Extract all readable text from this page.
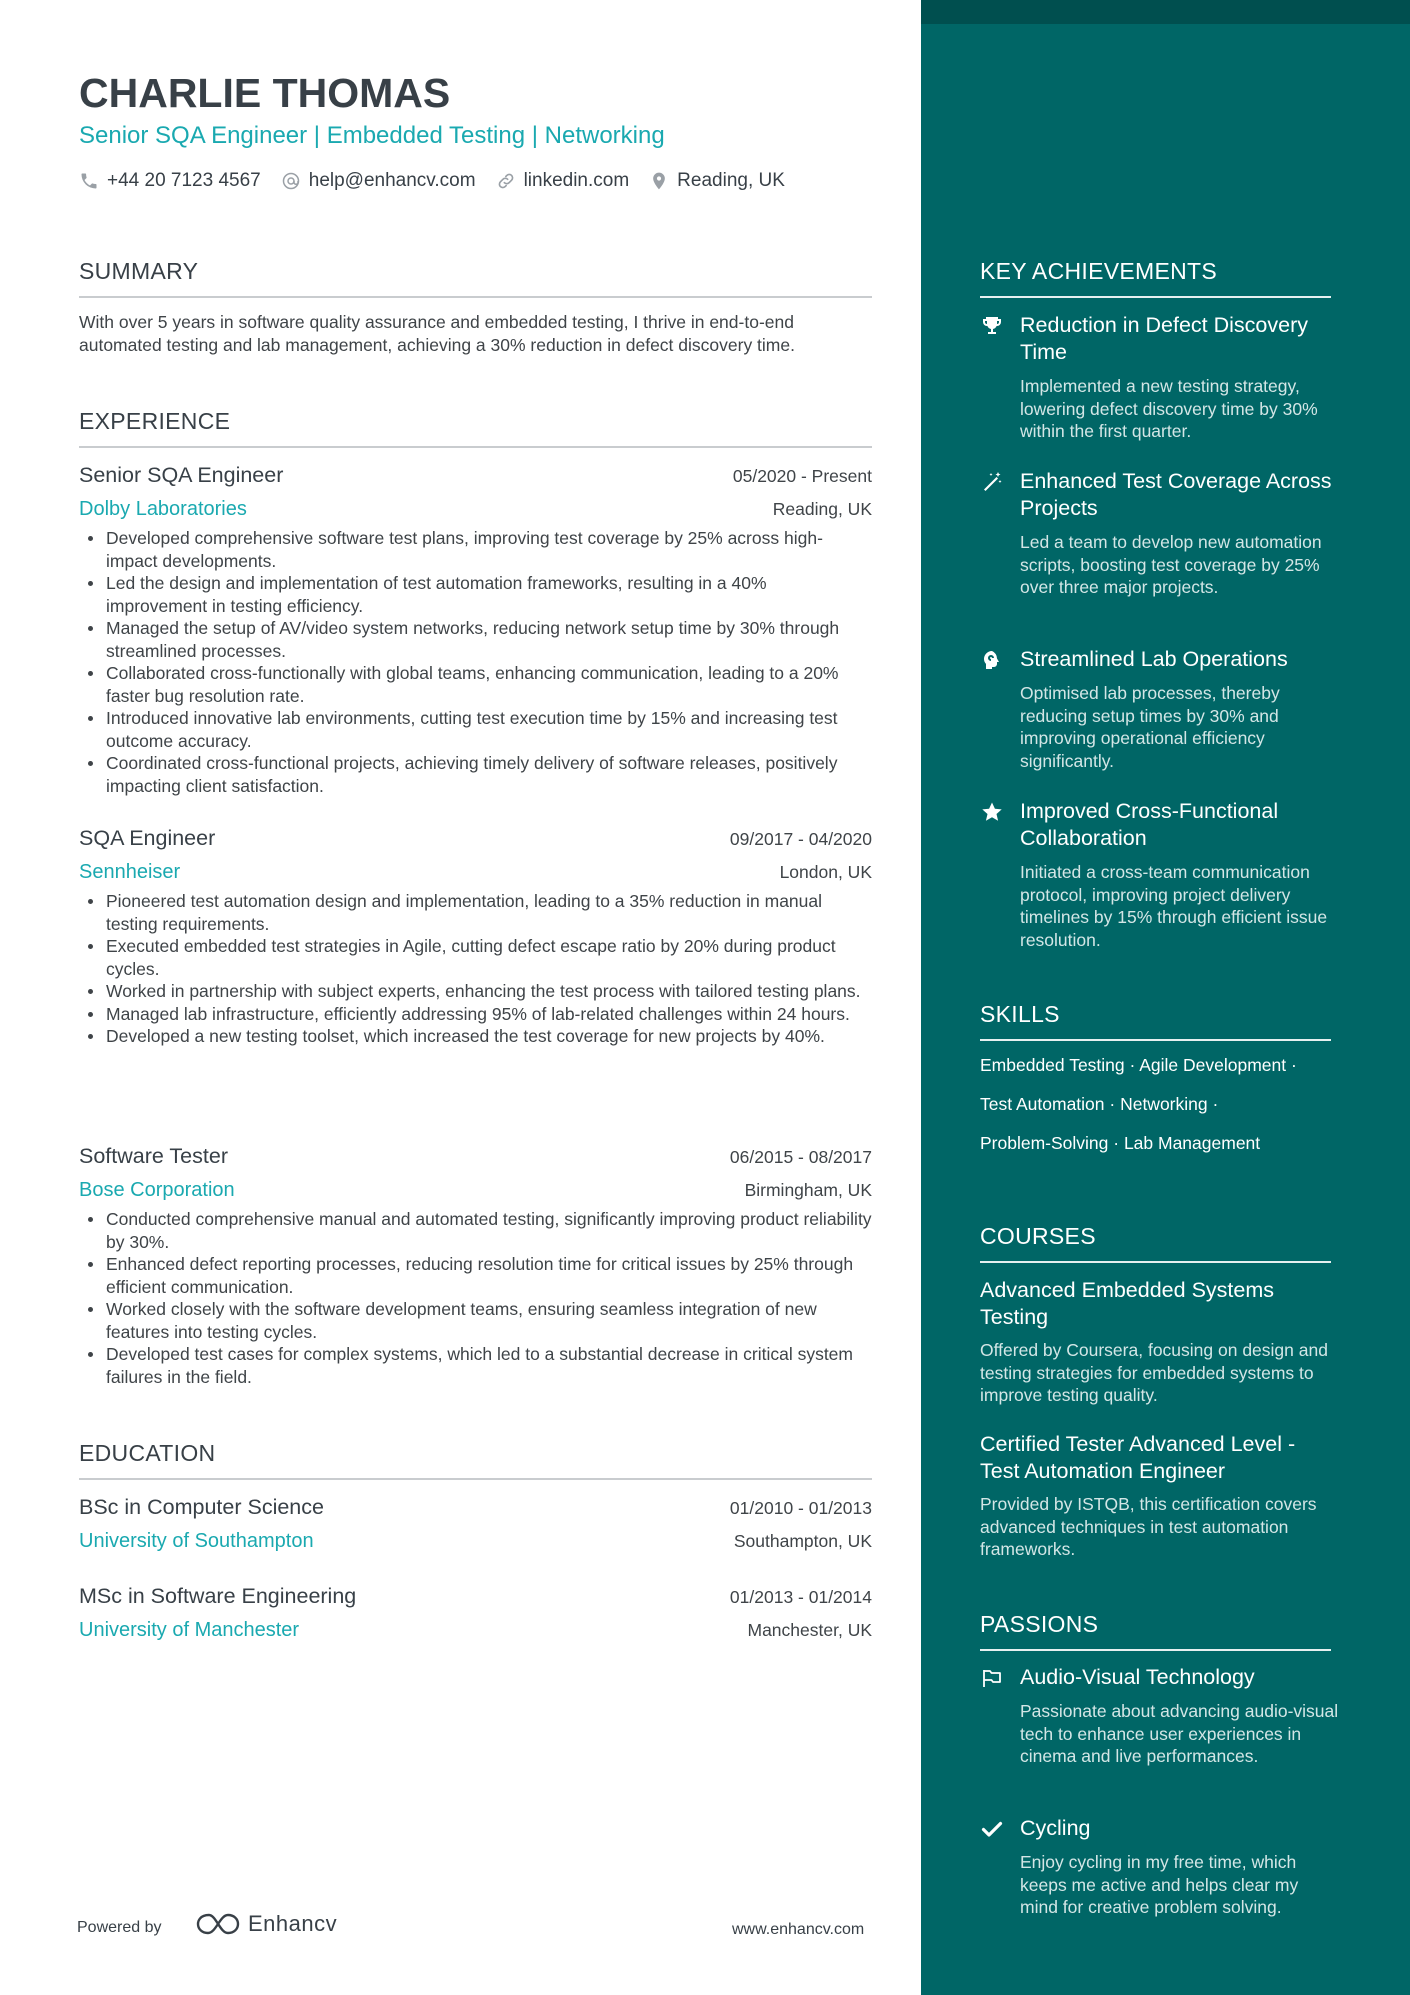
CHARLIE THOMAS
Senior SQA Engineer | Embedded Testing | Networking
+44 20 7123 4567	help@enhancv.com	linkedin.com	Reading, UK
SUMMARY
With over 5 years in software quality assurance and embedded testing, I thrive in end-to-end automated testing and lab management, achieving a 30% reduction in defect discovery time.
EXPERIENCE
Senior SQA Engineer	05/2020 - Present
Dolby Laboratories	Reading, UK
Developed comprehensive software test plans, improving test coverage by 25% across high-impact developments.
Led the design and implementation of test automation frameworks, resulting in a 40% improvement in testing efficiency.
Managed the setup of AV/video system networks, reducing network setup time by 30% through streamlined processes.
Collaborated cross-functionally with global teams, enhancing communication, leading to a 20% faster bug resolution rate.
Introduced innovative lab environments, cutting test execution time by 15% and increasing test outcome accuracy.
Coordinated cross-functional projects, achieving timely delivery of software releases, positively impacting client satisfaction.
SQA Engineer	09/2017 - 04/2020
Sennheiser	London, UK
Pioneered test automation design and implementation, leading to a 35% reduction in manual testing requirements.
Executed embedded test strategies in Agile, cutting defect escape ratio by 20% during product cycles.
Worked in partnership with subject experts, enhancing the test process with tailored testing plans.
Managed lab infrastructure, efficiently addressing 95% of lab-related challenges within 24 hours.
Developed a new testing toolset, which increased the test coverage for new projects by 40%.
Software Tester	06/2015 - 08/2017
Bose Corporation	Birmingham, UK
Conducted comprehensive manual and automated testing, significantly improving product reliability by 30%.
Enhanced defect reporting processes, reducing resolution time for critical issues by 25% through efficient communication.
Worked closely with the software development teams, ensuring seamless integration of new features into testing cycles.
Developed test cases for complex systems, which led to a substantial decrease in critical system failures in the field.
EDUCATION
BSc in Computer Science	01/2010 - 01/2013
University of Southampton	Southampton, UK
MSc in Software Engineering	01/2013 - 01/2014
University of Manchester	Manchester, UK
Powered by	Enhancv	www.enhancv.com
KEY ACHIEVEMENTS
Reduction in Defect Discovery Time
Implemented a new testing strategy, lowering defect discovery time by 30% within the first quarter.
Enhanced Test Coverage Across Projects
Led a team to develop new automation scripts, boosting test coverage by 25% over three major projects.
Streamlined Lab Operations
Optimised lab processes, thereby reducing setup times by 30% and improving operational efficiency significantly.
Improved Cross-Functional Collaboration
Initiated a cross-team communication protocol, improving project delivery timelines by 15% through efficient issue resolution.
SKILLS
Embedded Testing · Agile Development ·
Test Automation · Networking ·
Problem-Solving · Lab Management
COURSES
Advanced Embedded Systems Testing
Offered by Coursera, focusing on design and testing strategies for embedded systems to improve testing quality.
Certified Tester Advanced Level - Test Automation Engineer
Provided by ISTQB, this certification covers advanced techniques in test automation frameworks.
PASSIONS
Audio-Visual Technology
Passionate about advancing audio-visual tech to enhance user experiences in cinema and live performances.
Cycling
Enjoy cycling in my free time, which keeps me active and helps clear my mind for creative problem solving.
